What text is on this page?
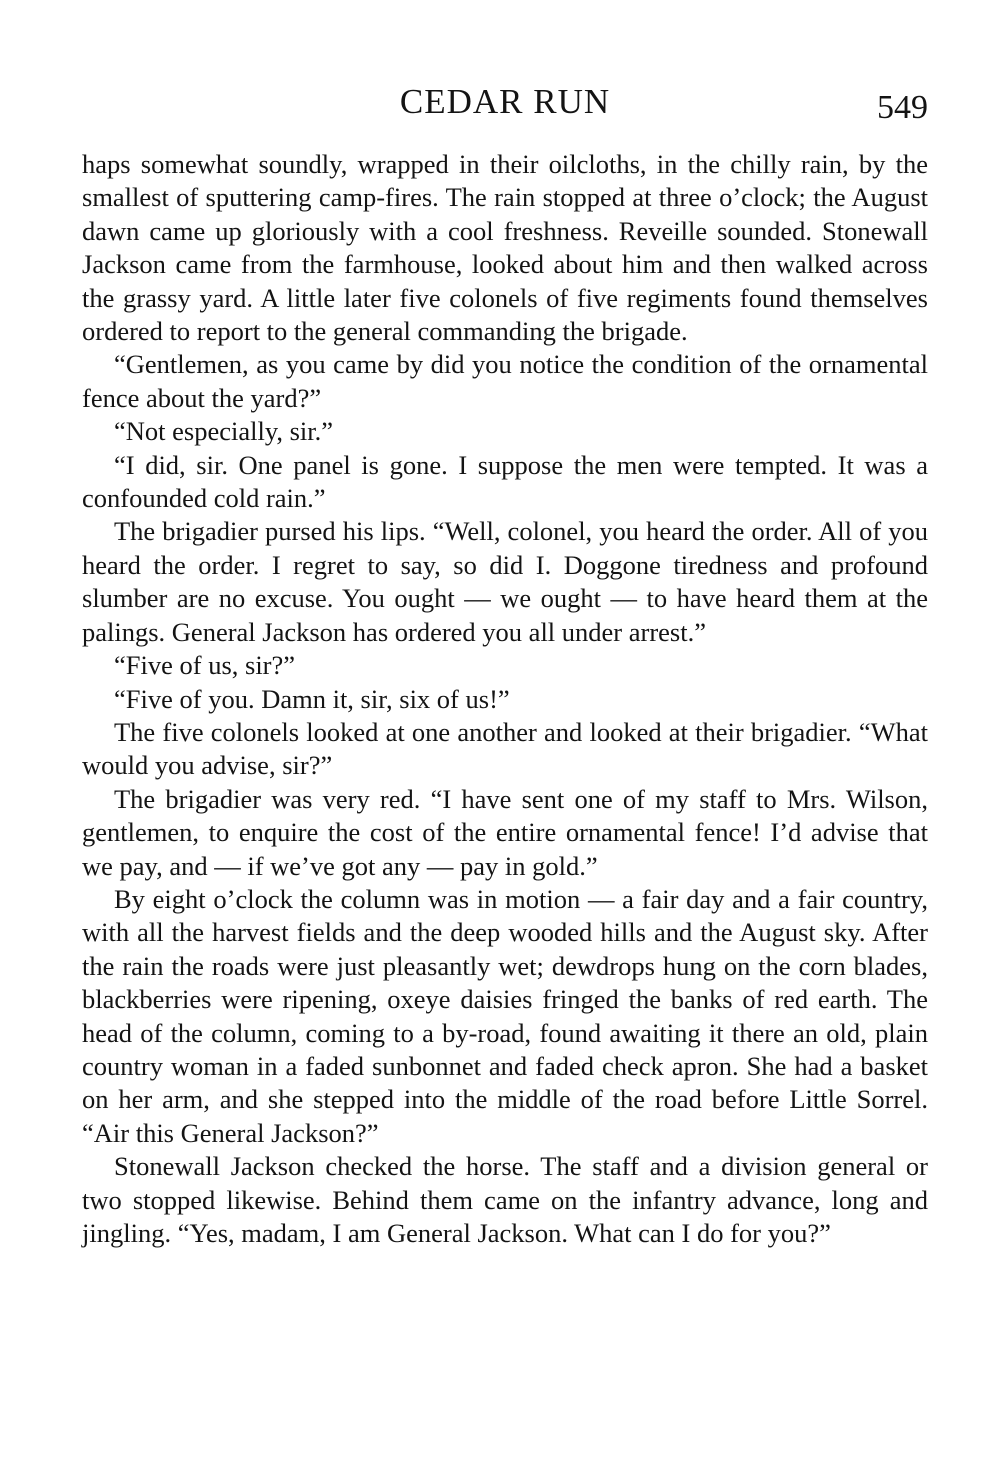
CEDAR RUN	549

haps somewhat soundly, wrapped in their oilcloths, in the chilly rain, by the smallest of sputtering camp-fires. The rain stopped at three o’clock; the August dawn came up gloriously with a cool freshness. Reveille sounded. Stonewall Jackson came from the farmhouse, looked about him and then walked across the grassy yard. A little later five colonels of five regiments found themselves ordered to report to the general commanding the brigade.

“Gentlemen, as you came by did you notice the condition of the ornamental fence about the yard?”

“Not especially, sir.”

“I did, sir. One panel is gone. I suppose the men were tempted. It was a confounded cold rain.”

The brigadier pursed his lips. “Well, colonel, you heard the order. All of you heard the order. I regret to say, so did I. Doggone tiredness and profound slumber are no excuse. You ought — we ought — to have heard them at the palings. General Jackson has ordered you all under arrest.”

“Five of us, sir?”

“Five of you. Damn it, sir, six of us!”

The five colonels looked at one another and looked at their brigadier. “What would you advise, sir?”

The brigadier was very red. “I have sent one of my staff to Mrs. Wilson, gentlemen, to enquire the cost of the entire ornamental fence! I’d advise that we pay, and — if we’ve got any — pay in gold.”

By eight o’clock the column was in motion — a fair day and a fair country, with all the harvest fields and the deep wooded hills and the August sky. After the rain the roads were just pleasantly wet; dewdrops hung on the corn blades, blackberries were ripening, oxeye daisies fringed the banks of red earth. The head of the column, coming to a by-road, found awaiting it there an old, plain country woman in a faded sunbonnet and faded check apron. She had a basket on her arm, and she stepped into the middle of the road before Little Sorrel. “Air this General Jackson?”

Stonewall Jackson checked the horse. The staff and a division general or two stopped likewise. Behind them came on the infantry advance, long and jingling. “Yes, madam, I am General Jackson. What can I do for you?”
